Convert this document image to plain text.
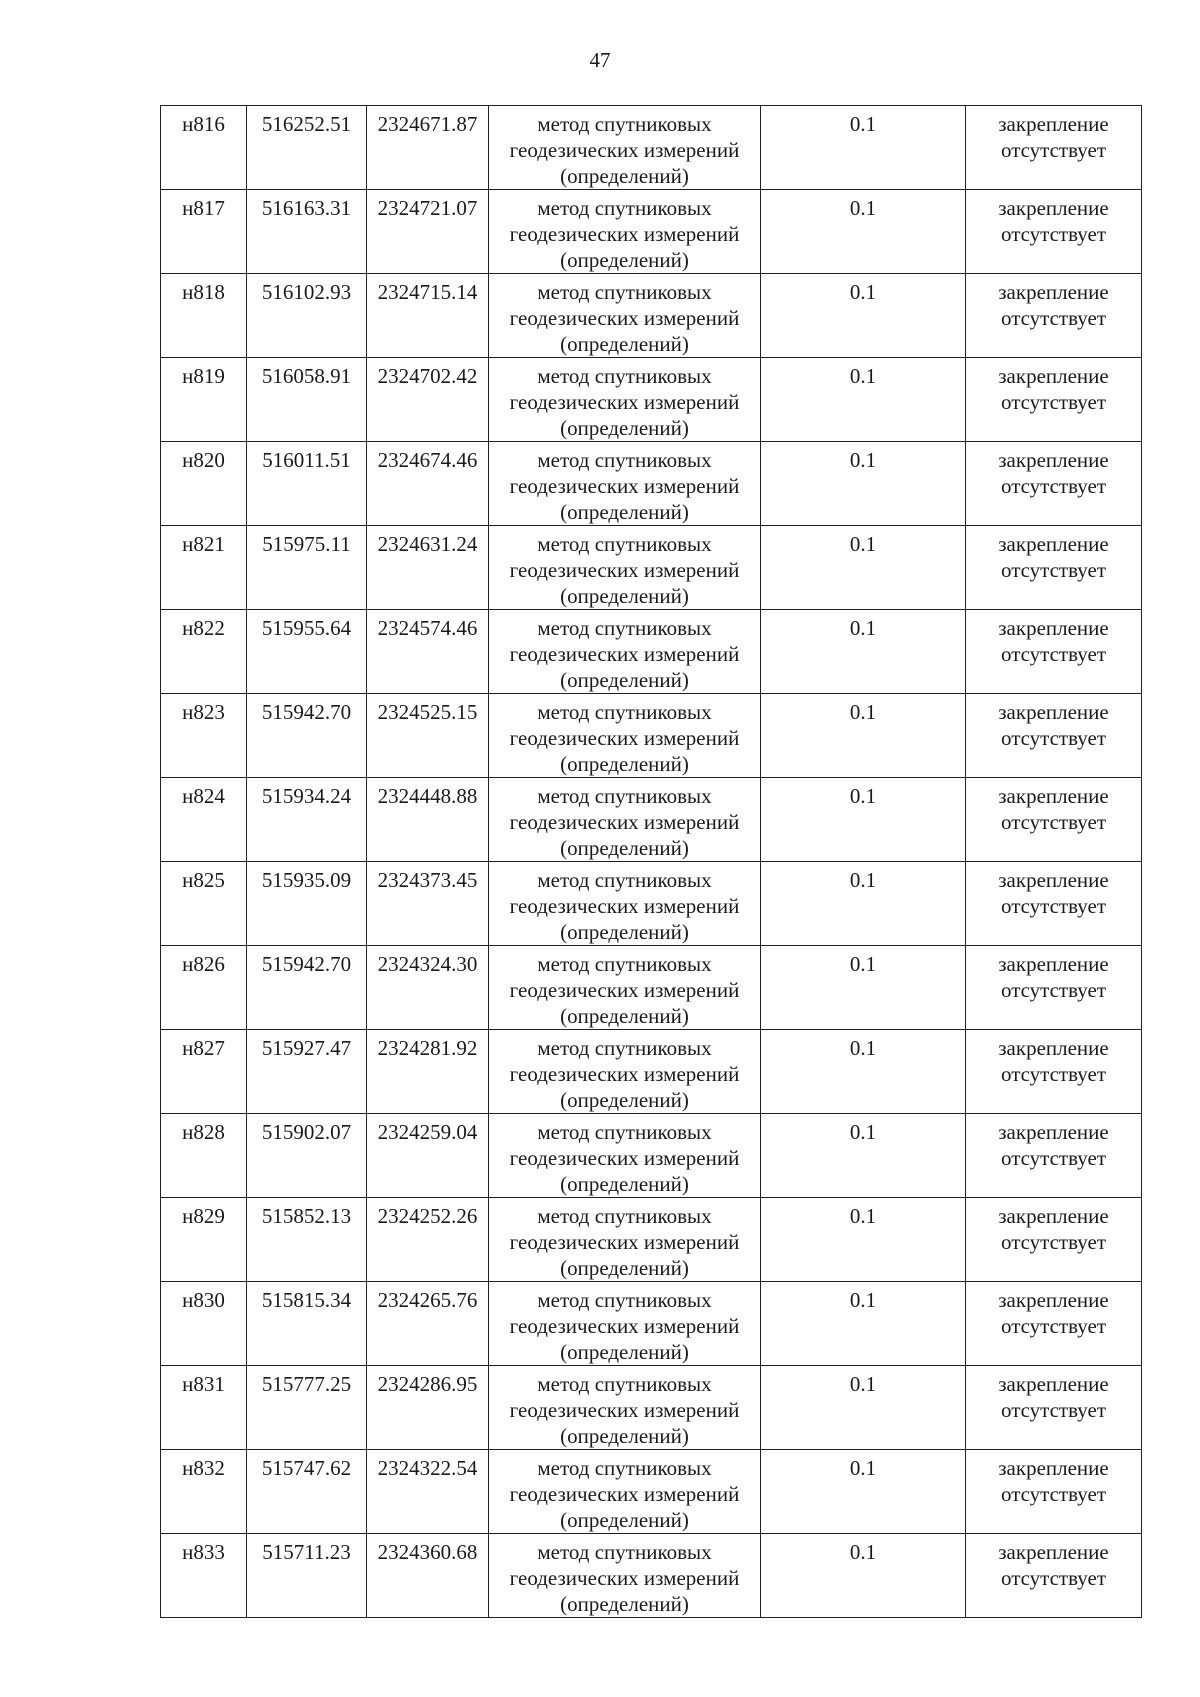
47
н816	516252.51	2324671.87	метод спутниковых геодезических измерений (определений)	0.1	закрепление отсутствует
н817	516163.31	2324721.07	метод спутниковых геодезических измерений (определений)	0.1	закрепление отсутствует
н818	516102.93	2324715.14	метод спутниковых геодезических измерений (определений)	0.1	закрепление отсутствует
н819	516058.91	2324702.42	метод спутниковых геодезических измерений (определений)	0.1	закрепление отсутствует
н820	516011.51	2324674.46	метод спутниковых геодезических измерений (определений)	0.1	закрепление отсутствует
н821	515975.11	2324631.24	метод спутниковых геодезических измерений (определений)	0.1	закрепление отсутствует
н822	515955.64	2324574.46	метод спутниковых геодезических измерений (определений)	0.1	закрепление отсутствует
н823	515942.70	2324525.15	метод спутниковых геодезических измерений (определений)	0.1	закрепление отсутствует
н824	515934.24	2324448.88	метод спутниковых геодезических измерений (определений)	0.1	закрепление отсутствует
н825	515935.09	2324373.45	метод спутниковых геодезических измерений (определений)	0.1	закрепление отсутствует
н826	515942.70	2324324.30	метод спутниковых геодезических измерений (определений)	0.1	закрепление отсутствует
н827	515927.47	2324281.92	метод спутниковых геодезических измерений (определений)	0.1	закрепление отсутствует
н828	515902.07	2324259.04	метод спутниковых геодезических измерений (определений)	0.1	закрепление отсутствует
н829	515852.13	2324252.26	метод спутниковых геодезических измерений (определений)	0.1	закрепление отсутствует
н830	515815.34	2324265.76	метод спутниковых геодезических измерений (определений)	0.1	закрепление отсутствует
н831	515777.25	2324286.95	метод спутниковых геодезических измерений (определений)	0.1	закрепление отсутствует
н832	515747.62	2324322.54	метод спутниковых геодезических измерений (определений)	0.1	закрепление отсутствует
н833	515711.23	2324360.68	метод спутниковых геодезических измерений (определений)	0.1	закрепление отсутствует
